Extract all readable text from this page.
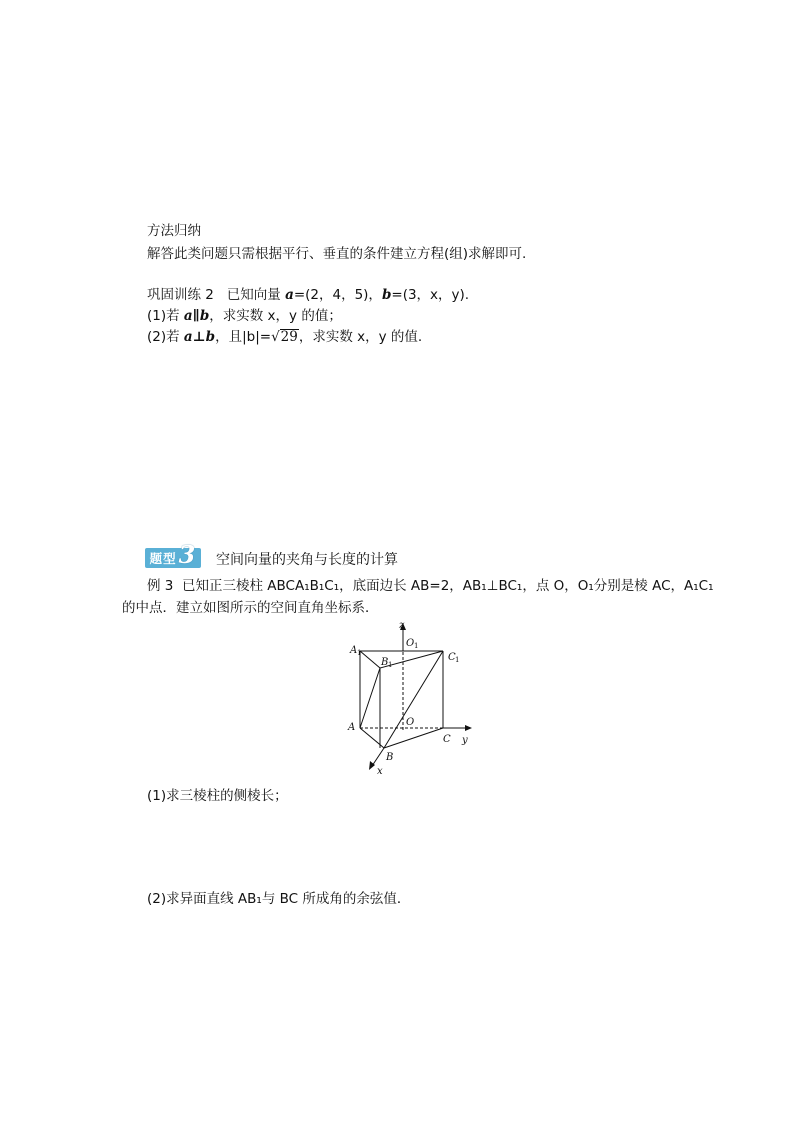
方法归纳
解答此类问题只需根据平行、垂直的条件建立方程(组)求解即可.
巩固训练 2 已知向量 a=(2，4，5)，b=(3，x，y).
(1)若 a∥b，求实数 x，y 的值；
(2)若 a⊥b，且|b|=√29，求实数 x，y 的值.
题型 3 空间向量的夹角与长度的计算
例 3 已知正三棱柱 ABCA₁B₁C₁，底面边长 AB=2，AB₁⊥BC₁，点 O，O₁分别是棱 AC，A₁C₁
的中点．建立如图所示的空间直角坐标系．
z
y
x
O 1
A 1
B 1
C 1
A	O
C
B
(1)求三棱柱的侧棱长；
(2)求异面直线 AB₁与 BC 所成角的余弦值．
